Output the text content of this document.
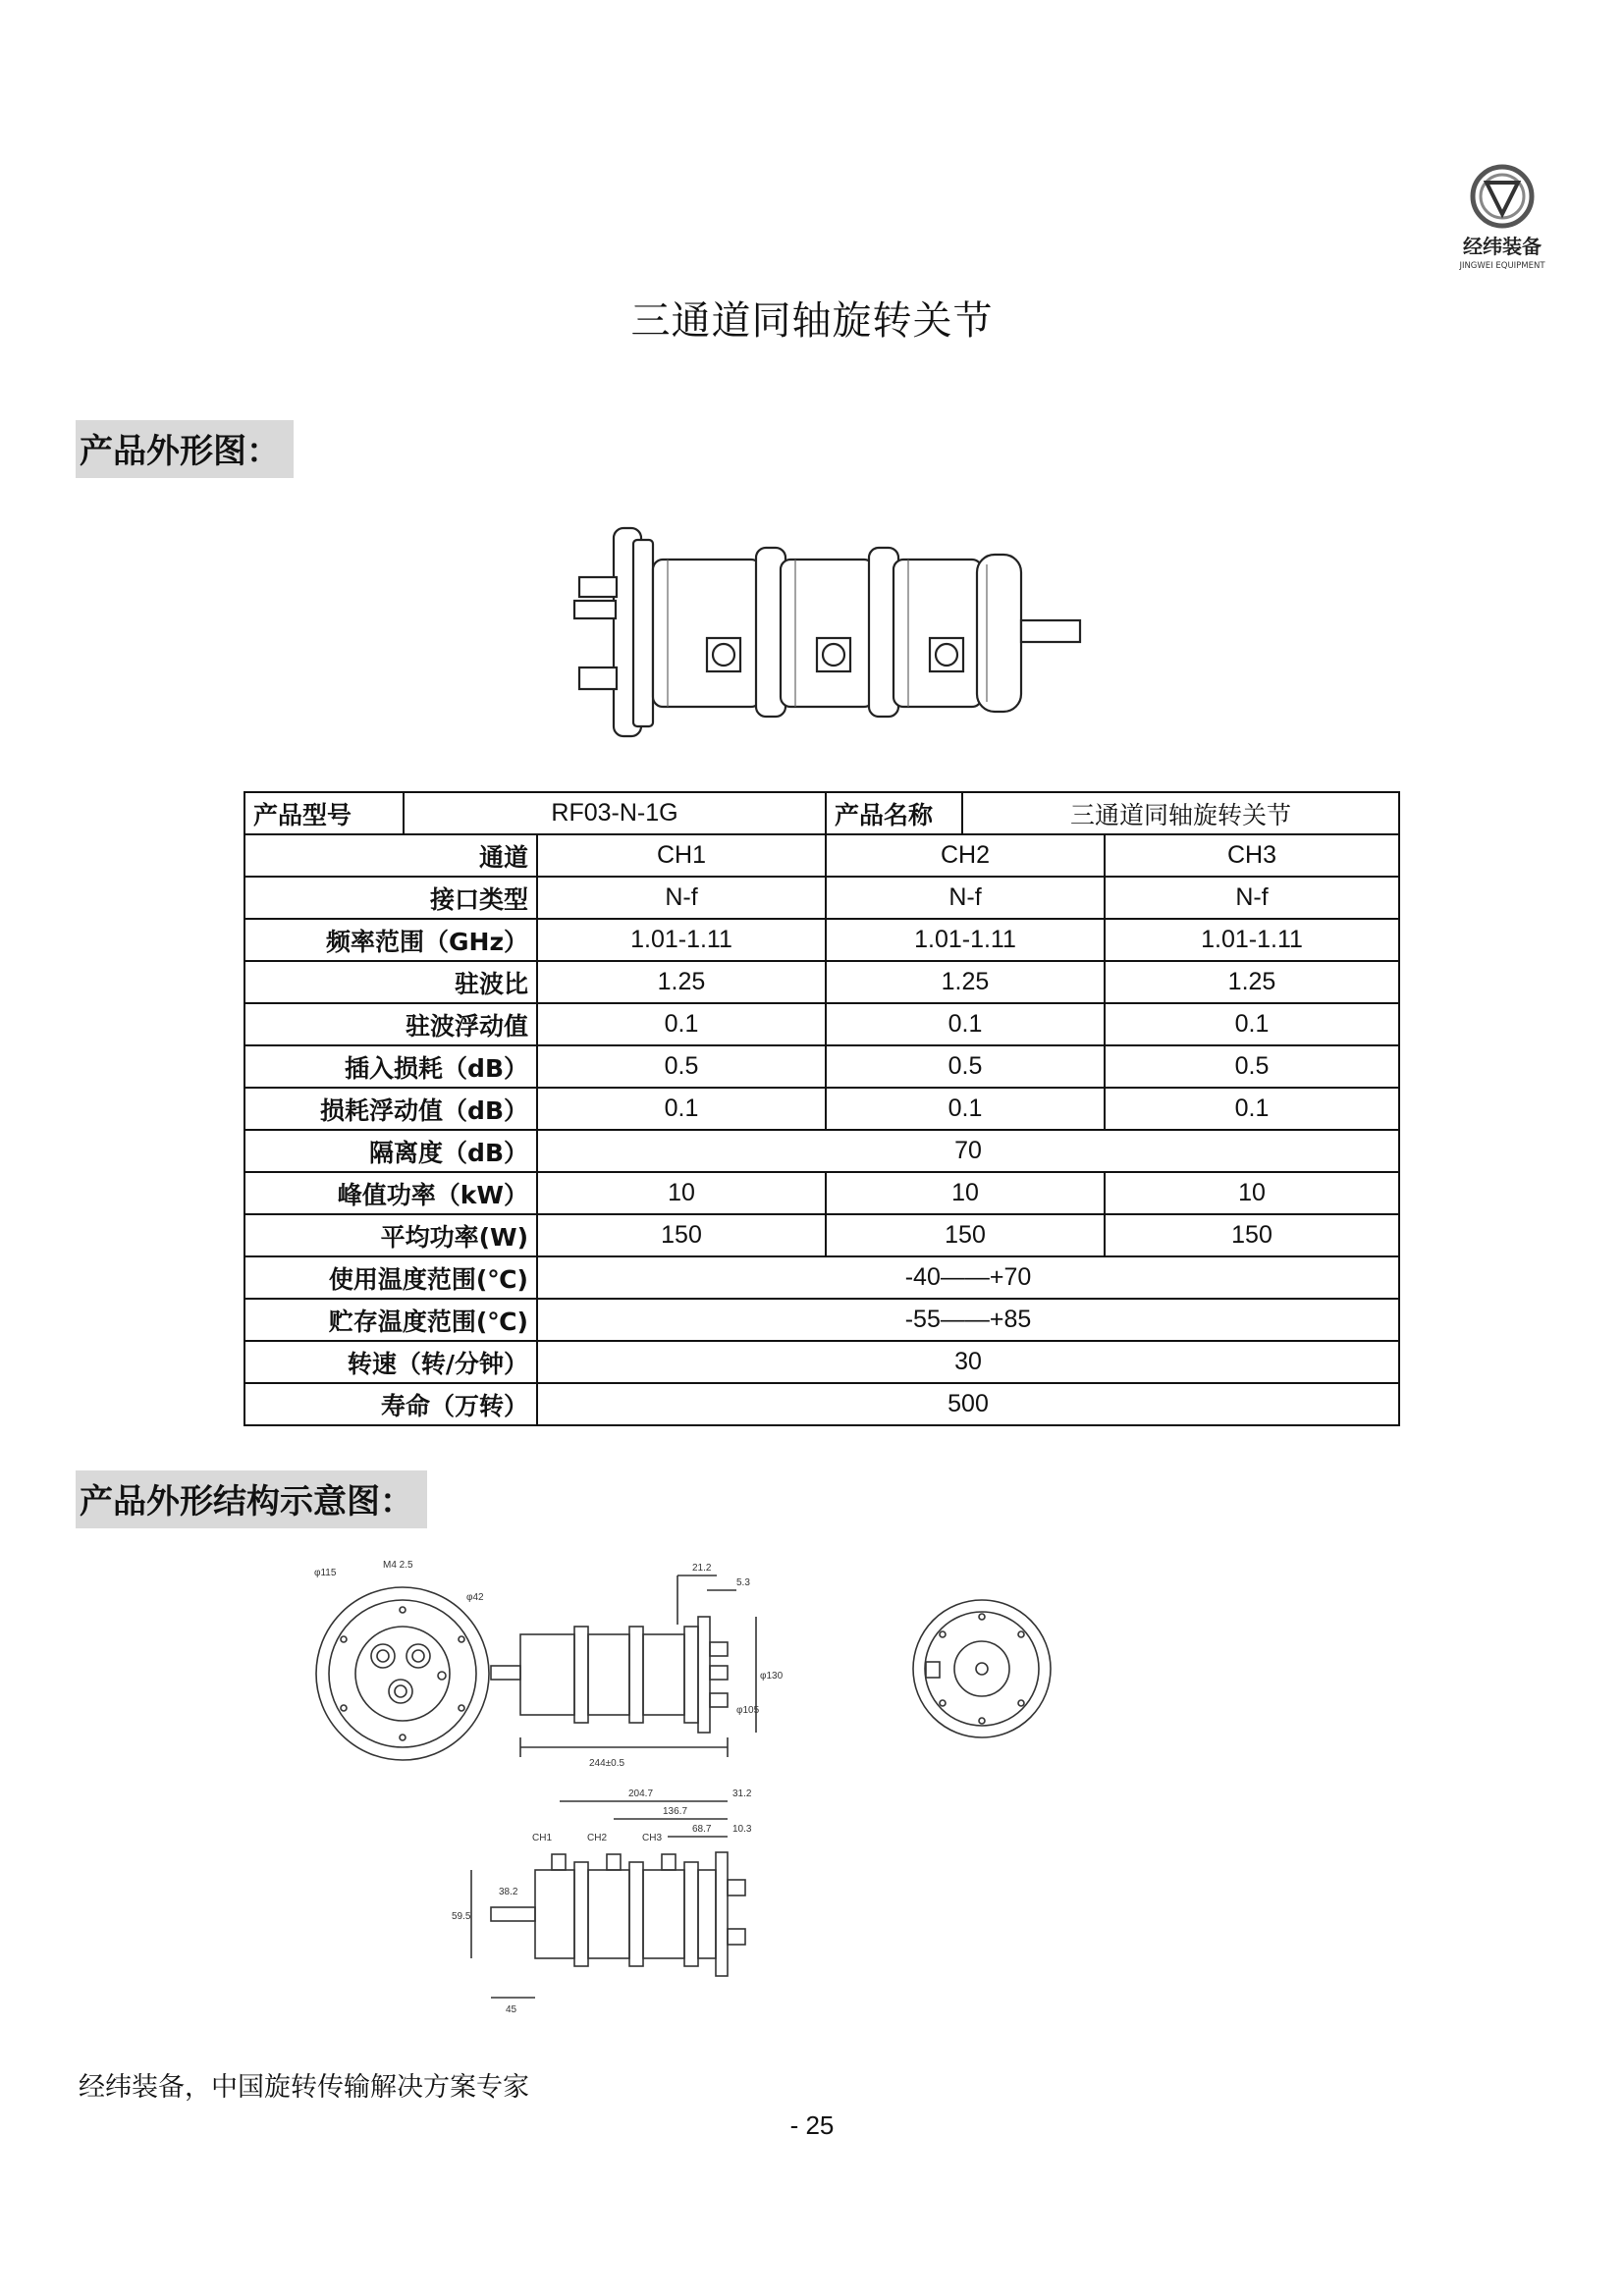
经纬装备
JINGWEI EQUIPMENT
三通道同轴旋转关节
产品外形图：
产品型号	RF03-N-1G		产品名称	三通道同轴旋转关节	
通道		CH1	CH2		CH3
接口类型		N-f	N-f		N-f
频率范围（GHz）		1.01-1.11	1.01-1.11		1.01-1.11
驻波比		1.25	1.25		1.25
驻波浮动值		0.1	0.1		0.1
插入损耗（dB）		0.5	0.5		0.5
损耗浮动值（dB）		0.1	0.1		0.1
隔离度（dB）		70			
峰值功率（kW）		10	10		10
平均功率(W)		150	150		150
使用温度范围(℃)		-40——+70			
贮存温度范围(℃)		-55——+85			
转速（转/分钟）		30			
寿命（万转）		500			
产品外形结构示意图：
φ115
φ42
M4 2.5
244±0.5
21.2
5.3
φ130
φ105
204.7
136.7
68.7
31.2
10.3
59.5
38.2
45
CH1	CH2	CH3
经纬装备，中国旋转传输解决方案专家
- 25
